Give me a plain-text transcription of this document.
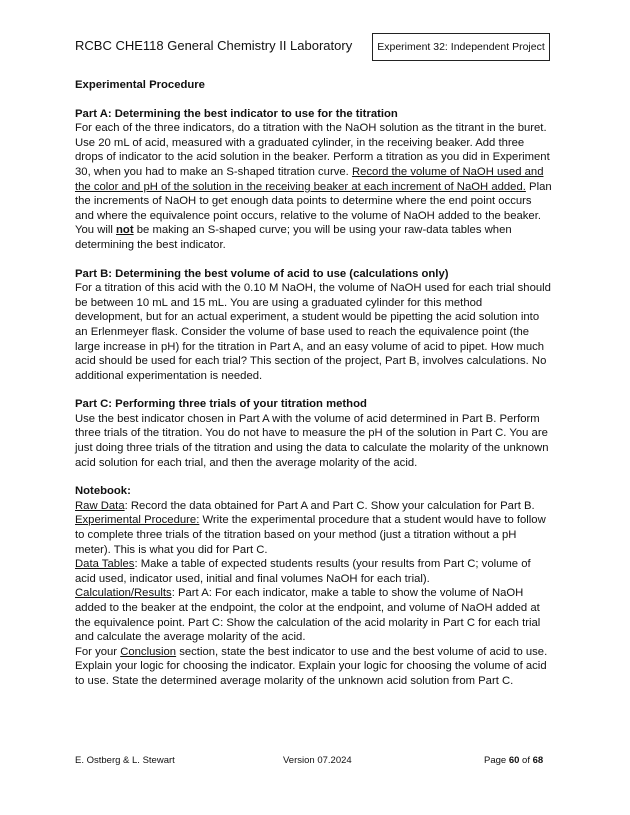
RCBC CHE118 General Chemistry II Laboratory Experiment 32: Independent Project

Experimental Procedure

Part A: Determining the best indicator to use for the titration

For each of the three indicators, do a titration with the NaOH solution as the titrant in the buret. Use 20 mL of acid, measured with a graduated cylinder, in the receiving beaker. Add three drops of indicator to the acid solution in the beaker. Perform a titration as you did in Experiment 30, when you had to make an S-shaped titration curve. Record the volume of NaOH used and the color and pH of the solution in the receiving beaker at each increment of NaOH added. Plan the increments of NaOH to get enough data points to determine where the end point occurs and where the equivalence point occurs, relative to the volume of NaOH added to the beaker. You will not be making an S-shaped curve; you will be using your raw-data tables when determining the best indicator.

Part B: Determining the best volume of acid to use (calculations only)

For a titration of this acid with the 0.10 M NaOH, the volume of NaOH used for each trial should be between 10 mL and 15 mL. You are using a graduated cylinder for this method development, but for an actual experiment, a student would be pipetting the acid solution into an Erlenmeyer flask. Consider the volume of base used to reach the equivalence point (the large increase in pH) for the titration in Part A, and an easy volume of acid to pipet. How much acid should be used for each trial? This section of the project, Part B, involves calculations. No additional experimentation is needed.

Part C: Performing three trials of your titration method

Use the best indicator chosen in Part A with the volume of acid determined in Part B. Perform three trials of the titration. You do not have to measure the pH of the solution in Part C. You are just doing three trials of the titration and using the data to calculate the molarity of the unknown acid solution for each trial, and then the average molarity of the acid.

Notebook:

Raw Data: Record the data obtained for Part A and Part C. Show your calculation for Part B.

Experimental Procedure: Write the experimental procedure that a student would have to follow to complete three trials of the titration based on your method (just a titration without a pH meter). This is what you did for Part C.

Data Tables: Make a table of expected students results (your results from Part C; volume of acid used, indicator used, initial and final volumes NaOH for each trial).

Calculation/Results: Part A: For each indicator, make a table to show the volume of NaOH added to the beaker at the endpoint, the color at the endpoint, and volume of NaOH added at the equivalence point. Part C: Show the calculation of the acid molarity in Part C for each trial and calculate the average molarity of the acid.

For your Conclusion section, state the best indicator to use and the best volume of acid to use. Explain your logic for choosing the indicator. Explain your logic for choosing the volume of acid to use. State the determined average molarity of the unknown acid solution from Part C.

E. Ostberg & L. Stewart	Version 07.2024	Page 60 of 68
